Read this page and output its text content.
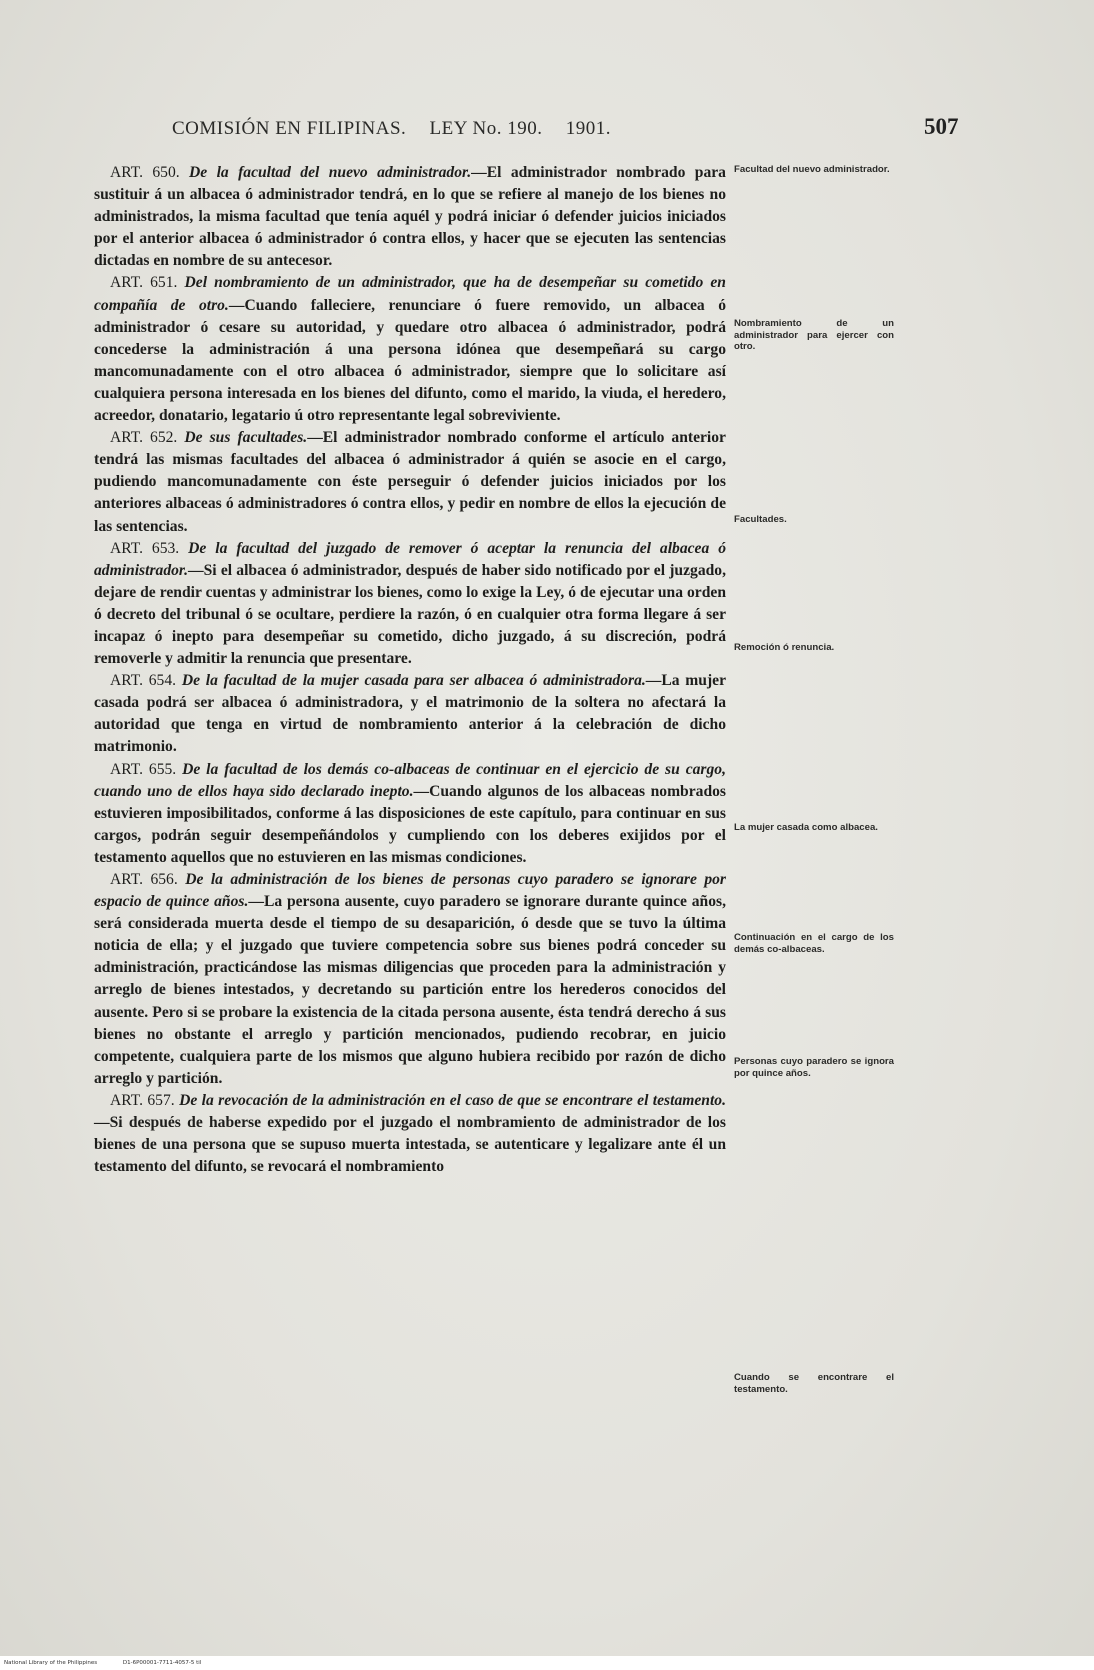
COMISIÓN EN FILIPINAS. LEY No. 190. 1901.	507

ART. 650. De la facultad del nuevo administrador.—El administrador nombrado para sustituir á un albacea ó administrador tendrá, en lo que se refiere al manejo de los bienes no administrados, la misma facultad que tenía aquél y podrá iniciar ó defender juicios iniciados por el anterior albacea ó administrador ó contra ellos, y hacer que se ejecuten las sentencias dictadas en nombre de su antecesor.

ART. 651. Del nombramiento de un administrador, que ha de desempeñar su cometido en compañía de otro.—Cuando falleciere, renunciare ó fuere removido, un albacea ó administrador ó cesare su autoridad, y quedare otro albacea ó administrador, podrá concederse la administración á una persona idónea que desempeñará su cargo mancomunadamente con el otro albacea ó administrador, siempre que lo solicitare así cualquiera persona interesada en los bienes del difunto, como el marido, la viuda, el heredero, acreedor, donatario, legatario ú otro representante legal sobreviviente.

ART. 652. De sus facultades.—El administrador nombrado conforme el artículo anterior tendrá las mismas facultades del albacea ó administrador á quién se asocie en el cargo, pudiendo mancomunadamente con éste perseguir ó defender juicios iniciados por los anteriores albaceas ó administradores ó contra ellos, y pedir en nombre de ellos la ejecución de las sentencias.

ART. 653. De la facultad del juzgado de remover ó aceptar la renuncia del albacea ó administrador.—Si el albacea ó administrador, después de haber sido notificado por el juzgado, dejare de rendir cuentas y administrar los bienes, como lo exige la Ley, ó de ejecutar una orden ó decreto del tribunal ó se ocultare, perdiere la razón, ó en cualquier otra forma llegare á ser incapaz ó inepto para desempeñar su cometido, dicho juzgado, á su discreción, podrá removerle y admitir la renuncia que presentare.

ART. 654. De la facultad de la mujer casada para ser albacea ó administradora.—La mujer casada podrá ser albacea ó administradora, y el matrimonio de la soltera no afectará la autoridad que tenga en virtud de nombramiento anterior á la celebración de dicho matrimonio.

ART. 655. De la facultad de los demás co-albaceas de continuar en el ejercicio de su cargo, cuando uno de ellos haya sido declarado inepto.—Cuando algunos de los albaceas nombrados estuvieren imposibilitados, conforme á las disposiciones de este capítulo, para continuar en sus cargos, podrán seguir desempeñándolos y cumpliendo con los deberes exijidos por el testamento aquellos que no estuvieren en las mismas condiciones.

ART. 656. De la administración de los bienes de personas cuyo paradero se ignorare por espacio de quince años.—La persona ausente, cuyo paradero se ignorare durante quince años, será considerada muerta desde el tiempo de su desaparición, ó desde que se tuvo la última noticia de ella; y el juzgado que tuviere competencia sobre sus bienes podrá conceder su administración, practicándose las mismas diligencias que proceden para la administración y arreglo de bienes intestados, y decretando su partición entre los herederos conocidos del ausente. Pero si se probare la existencia de la citada persona ausente, ésta tendrá derecho á sus bienes no obstante el arreglo y partición mencionados, pudiendo recobrar, en juicio competente, cualquiera parte de los mismos que alguno hubiera recibido por razón de dicho arreglo y partición.

ART. 657. De la revocación de la administración en el caso de que se encontrare el testamento.—Si después de haberse expedido por el juzgado el nombramiento de administrador de los bienes de una persona que se supuso muerta intestada, se autenticare y legalizare ante él un testamento del difunto, se revocará el nombramiento

Facultad del nuevo administrador.
Nombramiento de un administrador para ejercer con otro.
Facultades.
Remoción ó renuncia.
La mujer casada como albacea.
Continuación en el cargo de los demás co-albaceas.
Personas cuyo paradero se ignora por quince años.
Cuando se encontrare el testamento.
National Library of the Philippines	D1-6P00001-7711-4057-5 til
